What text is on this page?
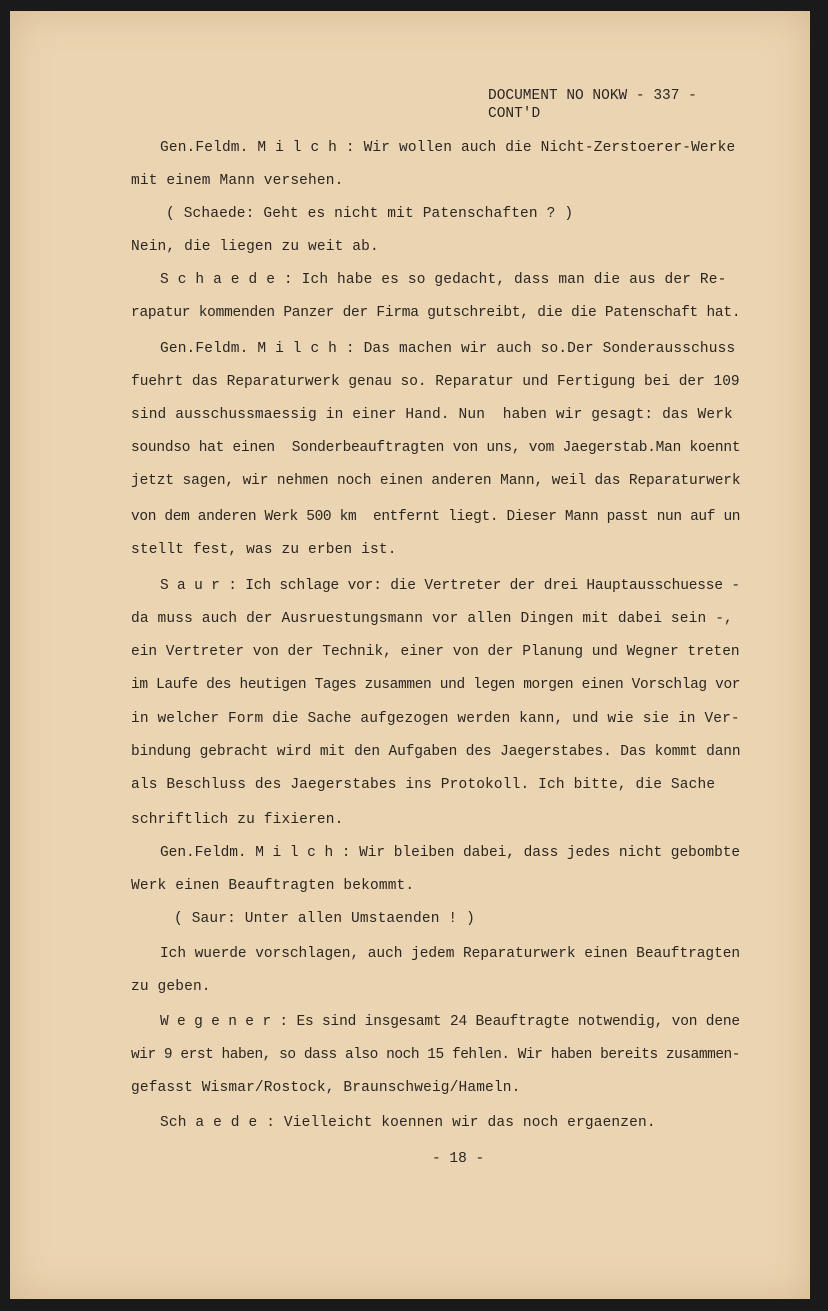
DOCUMENT NO NOKW - 337 -
CONT'D
Gen.Feldm. M i l c h : Wir wollen auch die Nicht-Zerstoerer-Werke
mit einem Mann versehen.
( Schaede: Geht es nicht mit Patenschaften ? )
Nein, die liegen zu weit ab.
S c h a e d e : Ich habe es so gedacht, dass man die aus der Re-
rapatur kommenden Panzer der Firma gutschreibt, die die Patenschaft hat.
Gen.Feldm. M i l c h : Das machen wir auch so.Der Sonderausschuss
fuehrt das Reparaturwerk genau so. Reparatur und Fertigung bei der 109
sind ausschussmaessig in einer Hand. Nun  haben wir gesagt: das Werk
soundso hat einen  Sonderbeauftragten von uns, vom Jaegerstab.Man koennt
jetzt sagen, wir nehmen noch einen anderen Mann, weil das Reparaturwerk
von dem anderen Werk 500 km  entfernt liegt. Dieser Mann passt nun auf un
stellt fest, was zu erben ist.
S a u r : Ich schlage vor: die Vertreter der drei Hauptausschuesse -
da muss auch der Ausruestungsmann vor allen Dingen mit dabei sein -,
ein Vertreter von der Technik, einer von der Planung und Wegner treten
im Laufe des heutigen Tages zusammen und legen morgen einen Vorschlag vor
in welcher Form die Sache aufgezogen werden kann, und wie sie in Ver-
bindung gebracht wird mit den Aufgaben des Jaegerstabes. Das kommt dann
als Beschluss des Jaegerstabes ins Protokoll. Ich bitte, die Sache
schriftlich zu fixieren.
Gen.Feldm. M i l c h : Wir bleiben dabei, dass jedes nicht gebombte
Werk einen Beauftragten bekommt.
( Saur: Unter allen Umstaenden ! )
Ich wuerde vorschlagen, auch jedem Reparaturwerk einen Beauftragten
zu geben.
W e g e n e r : Es sind insgesamt 24 Beauftragte notwendig, von dene
wir 9 erst haben, so dass also noch 15 fehlen. Wir haben bereits zusammen-
gefasst Wismar/Rostock, Braunschweig/Hameln.
Sch a e d e : Vielleicht koennen wir das noch ergaenzen.
- 18 -
